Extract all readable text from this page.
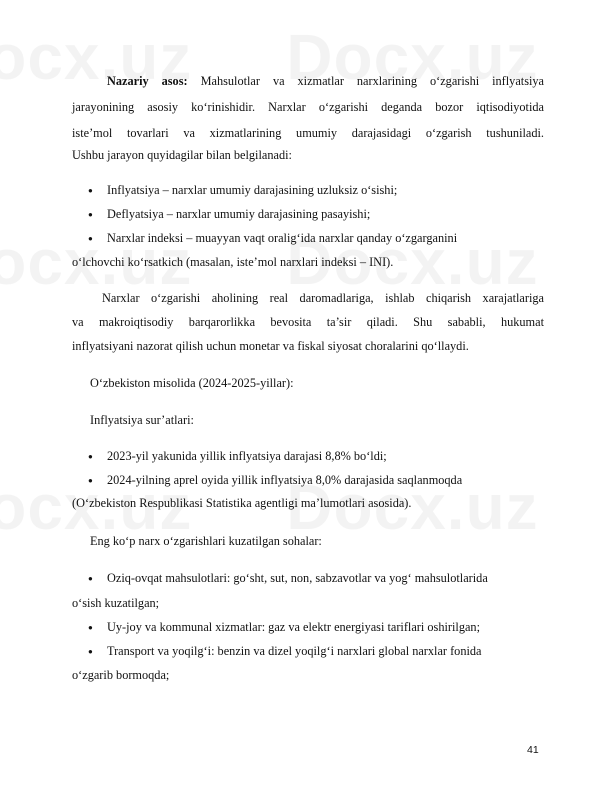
Nazariy asos: Mahsulotlar va xizmatlar narxlarining o‘zgarishi inflyatsiya
jarayonining asosiy ko‘rinishidir. Narxlar o‘zgarishi deganda bozor iqtisodiyotida
iste’mol tovarlari va xizmatlarining umumiy darajasidagi o‘zgarish tushuniladi.
Ushbu jarayon quyidagilar bilan belgilanadi:
Inflyatsiya – narxlar umumiy darajasining uzluksiz o‘sishi;
Deflyatsiya – narxlar umumiy darajasining pasayishi;
Narxlar indeksi – muayyan vaqt oralig‘ida narxlar qanday o‘zgarganini
o‘lchovchi ko‘rsatkich (masalan, iste’mol narxlari indeksi – INI).
Narxlar o‘zgarishi aholining real daromadlariga, ishlab chiqarish xarajatlariga
va makroiqtisodiy barqarorlikka bevosita ta’sir qiladi. Shu sababli, hukumat
inflyatsiyani nazorat qilish uchun monetar va fiskal siyosat choralarini qo‘llaydi.
O‘zbekiston misolida (2024-2025-yillar):
Inflyatsiya sur’atlari:
2023-yil yakunida yillik inflyatsiya darajasi 8,8% bo‘ldi;
2024-yilning aprel oyida yillik inflyatsiya 8,0% darajasida saqlanmoqda
(O‘zbekiston Respublikasi Statistika agentligi ma’lumotlari asosida).
Eng ko‘p narx o‘zgarishlari kuzatilgan sohalar:
Oziq-ovqat mahsulotlari: go‘sht, sut, non, sabzavotlar va yog‘ mahsulotlarida
o‘sish kuzatilgan;
Uy-joy va kommunal xizmatlar: gaz va elektr energiyasi tariflari oshirilgan;
Transport va yoqilg‘i: benzin va dizel yoqilg‘i narxlari global narxlar fonida
o‘zgarib bormoqda;
41
